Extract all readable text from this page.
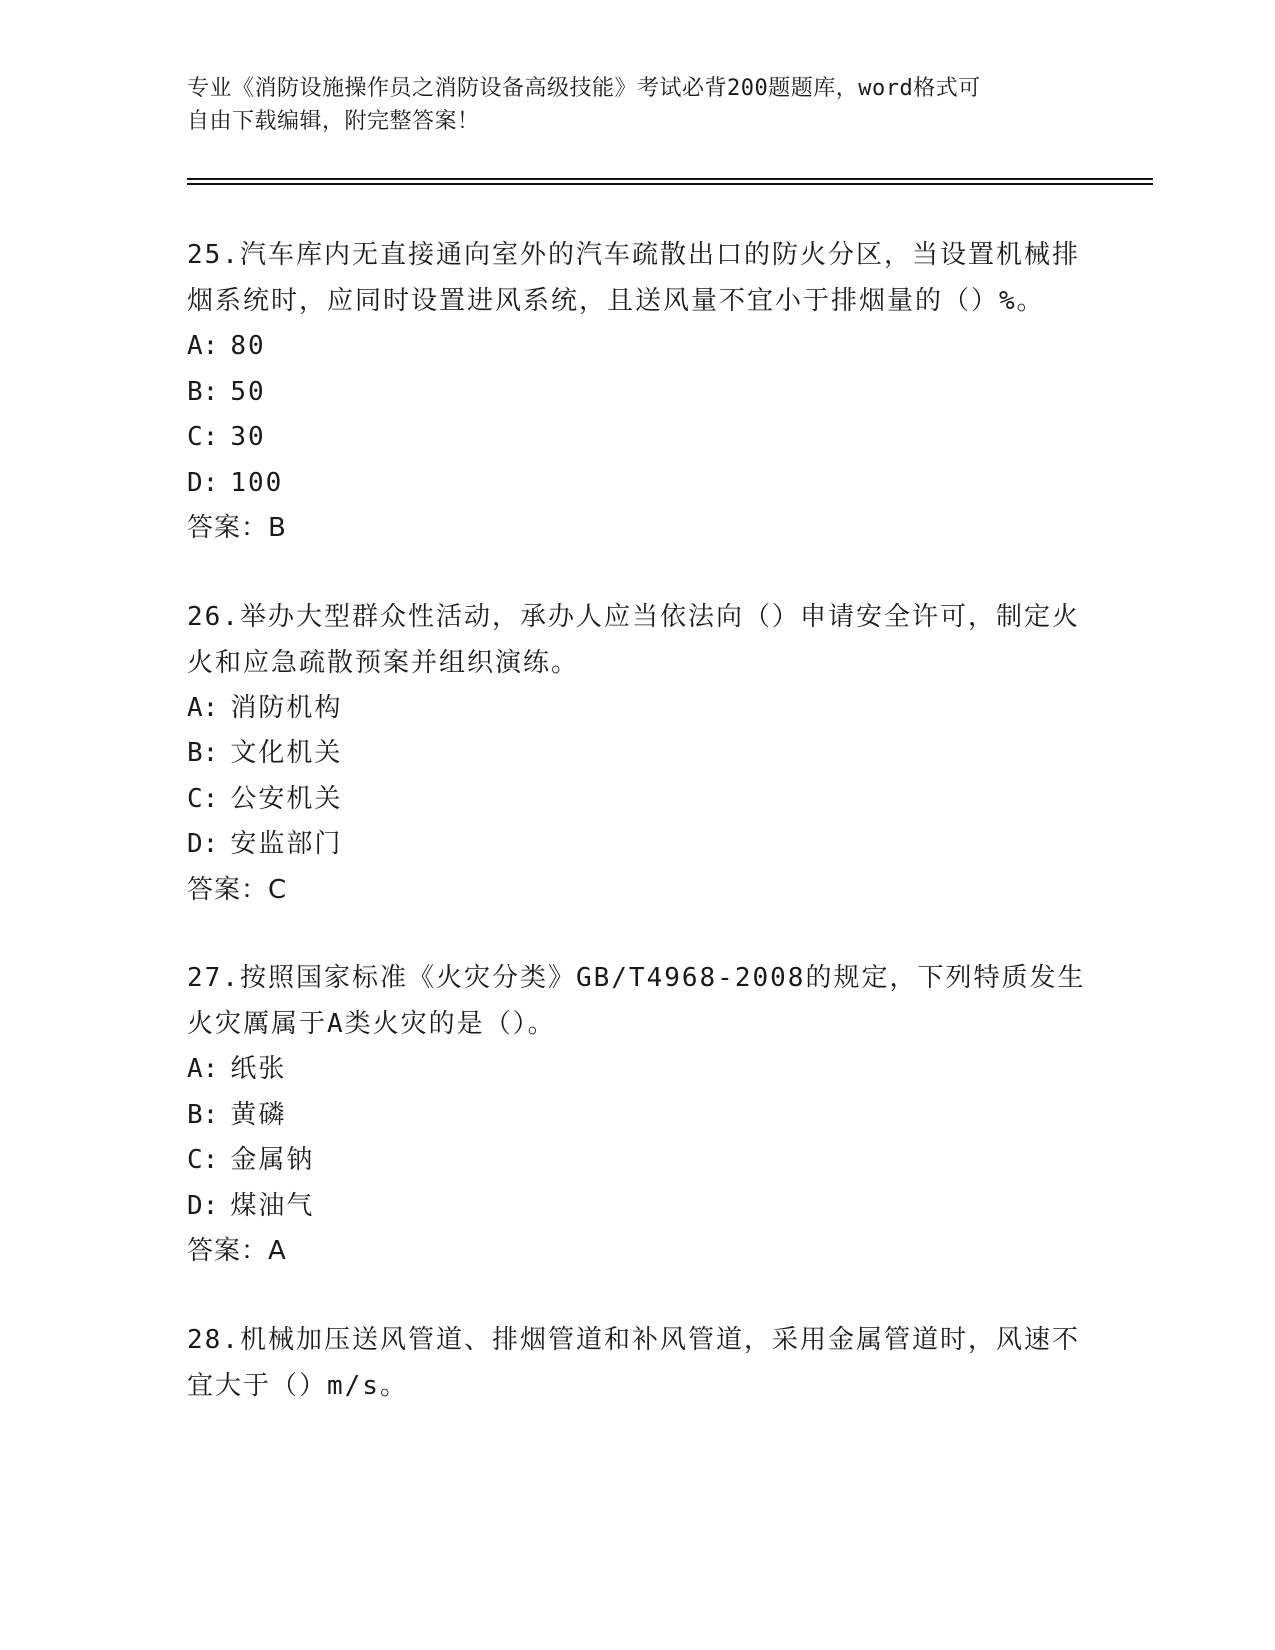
专业《消防设施操作员之消防设备高级技能》考试必背200题题库，word格式可
自由下载编辑，附完整答案！

25.汽车库内无直接通向室外的汽车疏散出口的防火分区，当设置机械排烟系统时，应同时设置进风系统，且送风量不宜小于排烟量的（）%。

A: 80

B: 50

C: 30

D: 100

答案：B

26.举办大型群众性活动，承办人应当依法向（）申请安全许可，制定火火和应急疏散预案并组织演练。

A: 消防机构

B: 文化机关

C: 公安机关

D: 安监部门

答案：C

27.按照国家标准《火灾分类》GB/T4968-2008的规定，下列特质发生火灾厲属于A类火灾的是（）。

A: 纸张

B: 黄磷

C: 金属钠

D: 煤油气

答案：A

28.机械加压送风管道、排烟管道和补风管道，采用金属管道时，风速不宜大于（）m/s。
